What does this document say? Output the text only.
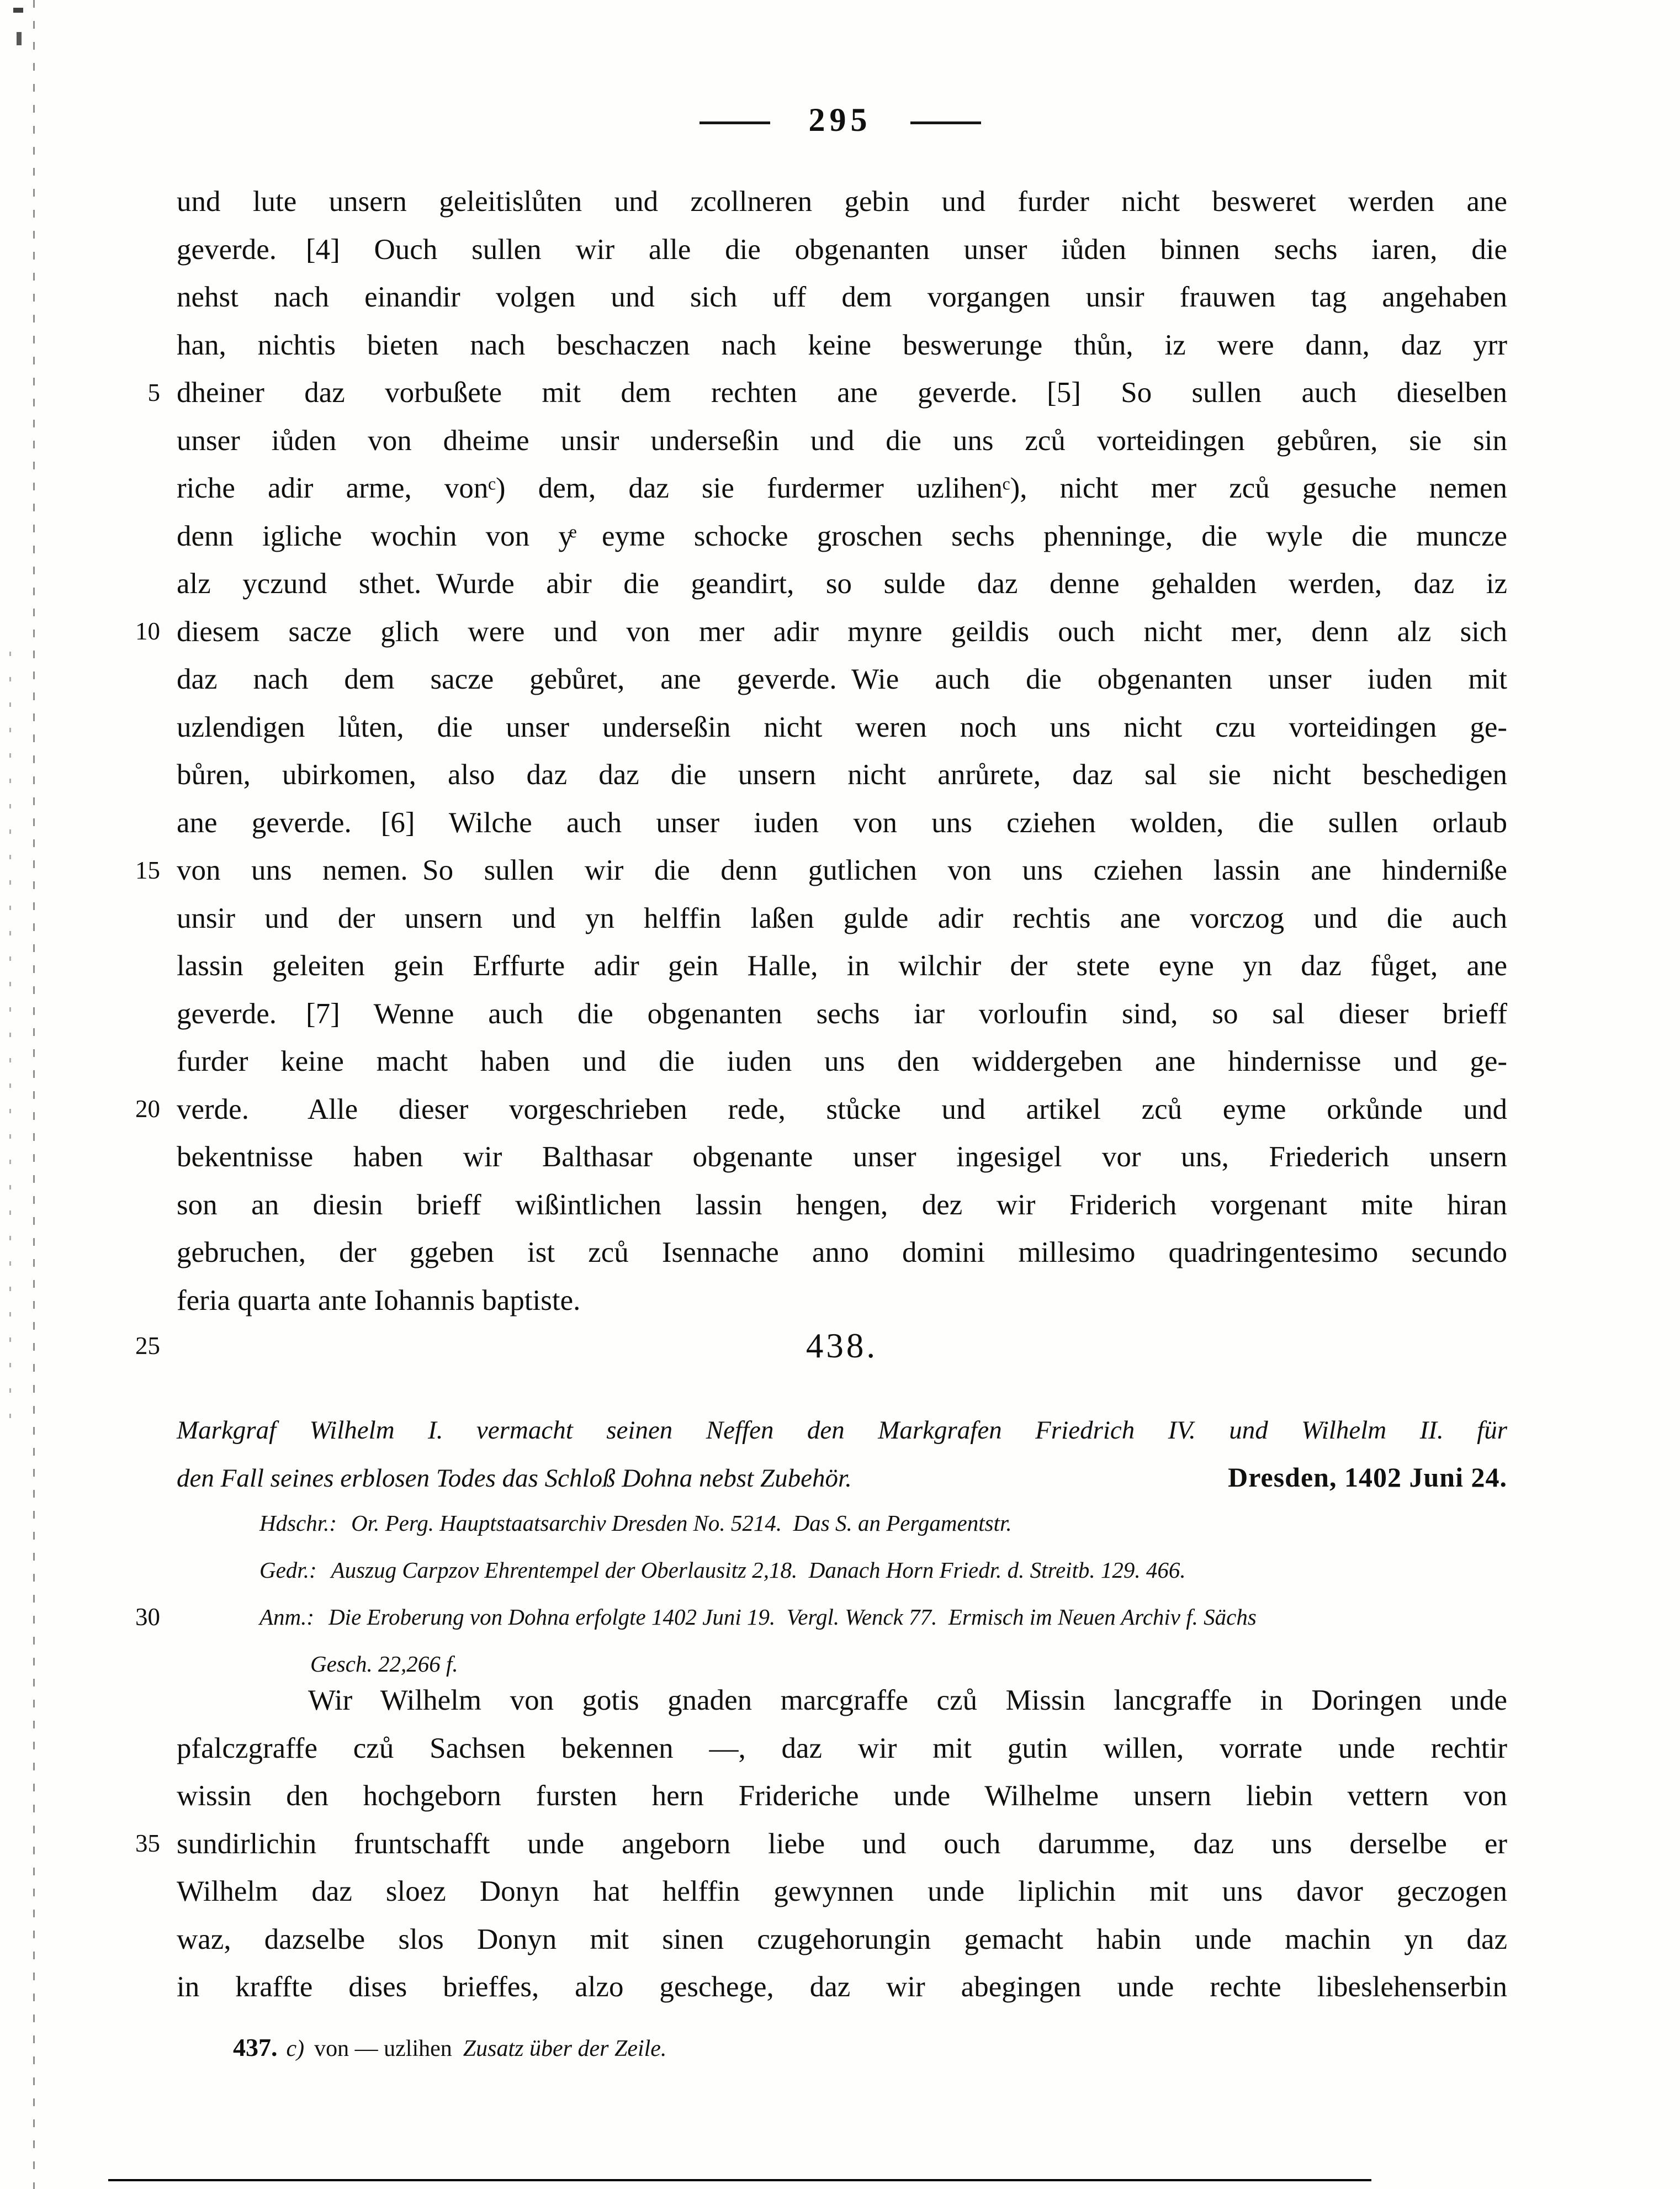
295
5
10
15
20
25
30
35
und lute unsern geleitislůten und zcollneren gebin und furder nicht besweret werden ane
geverde. [4] Ouch sullen wir alle die obgenanten unser iůden binnen sechs iaren, die
nehst nach einandir volgen und sich uff dem vorgangen unsir frauwen tag angehaben
han, nichtis bieten nach beschaczen nach keine beswerunge thůn, iz were dann, daz yrr
dheiner daz vorbußete mit dem rechten ane geverde. [5] So sullen auch dieselben
unser iůden von dheime unsir underseßin und die uns zců vorteidingen gebůren, sie sin
riche adir arme, vonᶜ) dem, daz sie furdermer uzlihenᶜ), nicht mer zců gesuche nemen
denn igliche wochin von yͤ eyme schocke groschen sechs phenninge, die wyle die muncze
alz yczund sthet. Wurde abir die geandirt, so sulde daz denne gehalden werden, daz iz
diesem sacze glich were und von mer adir mynre geildis ouch nicht mer, denn alz sich
daz nach dem sacze gebůret, ane geverde. Wie auch die obgenanten unser iuden mit
uzlendigen lůten, die unser underseßin nicht weren noch uns nicht czu vorteidingen ge-
bůren, ubirkomen, also daz daz die unsern nicht anrůrete, daz sal sie nicht beschedigen
ane geverde. [6] Wilche auch unser iuden von uns cziehen wolden, die sullen orlaub
von uns nemen. So sullen wir die denn gutlichen von uns cziehen lassin ane hinderniße
unsir und der unsern und yn helffin laßen gulde adir rechtis ane vorczog und die auch
lassin geleiten gein Erffurte adir gein Halle, in wilchir der stete eyne yn daz fůget, ane
geverde. [7] Wenne auch die obgenanten sechs iar vorloufin sind, so sal dieser brieff
furder keine macht haben und die iuden uns den widdergeben ane hindernisse und ge-
verde.  Alle dieser vorgeschrieben rede, stůcke und artikel zců eyme orkůnde und
bekentnisse haben wir Balthasar obgenante unser ingesigel vor uns, Friederich unsern
son an diesin brieff wißintlichen lassin hengen, dez wir Friderich vorgenant mite hiran
gebruchen, der ggeben ist zců Isennache anno domini millesimo quadringentesimo secundo
feria quarta ante Iohannis baptiste.
438.
Markgraf Wilhelm I. vermacht seinen Neffen den Markgrafen Friedrich IV. und Wilhelm II. für
den Fall seines erblosen Todes das Schloß Dohna nebst Zubehör.	Dresden, 1402 Juni 24.
Hdschr.: Or. Perg. Hauptstaatsarchiv Dresden No. 5214. Das S. an Pergamentstr.
Gedr.: Auszug Carpzov Ehrentempel der Oberlausitz 2,18. Danach Horn Friedr. d. Streitb. 129. 466.
Anm.: Die Eroberung von Dohna erfolgte 1402 Juni 19. Vergl. Wenck 77. Ermisch im Neuen Archiv f. Sächs
Gesch. 22,266 f.
Wir Wilhelm von gotis gnaden marcgraffe czů Missin lancgraffe in Doringen unde
pfalczgraffe czů Sachsen bekennen —, daz wir mit gutin willen, vorrate unde rechtir
wissin den hochgeborn fursten hern Frideriche unde Wilhelme unsern liebin vettern von
sundirlichin fruntschafft unde angeborn liebe und ouch darumme, daz uns derselbe er
Wilhelm daz sloez Donyn hat helffin gewynnen unde liplichin mit uns davor geczogen
waz, dazselbe slos Donyn mit sinen czugehorungin gemacht habin unde machin yn daz
in kraffte dises brieffes, alzo geschege, daz wir abegingen unde rechte libeslehenserbin
437. c) von — uzlihen Zusatz über der Zeile.
